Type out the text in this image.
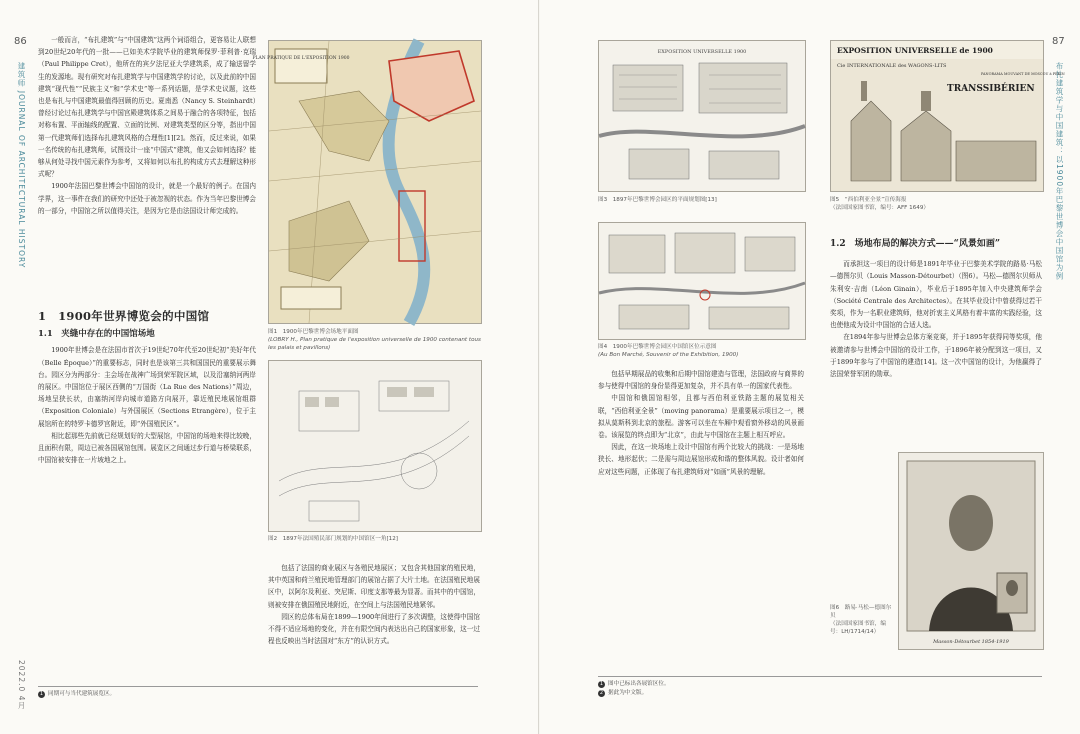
86
建筑师 JOURNAL OF ARCHITECTURAL HISTORY
2022.0 4月

一般而言，“布扎建筑”与“中国建筑”这两个词语组合，更容易让人联想到20世纪20年代的一批——已如美术学院毕业的建筑师保罗·菲利普·克瑞（Paul Philippe Cret），他所在的宾夕法尼亚大学建筑系，成了输送留学生的发源地。现有研究对布扎建筑学与中国建筑学的讨论，以及此前的中国建筑“现代性”“民族主义”和“学术史”等一系列话题，是学术史议题，这些也是布扎与中国建筑最值得回顾的历史。夏南悉（Nancy S. Steinhardt）曾经讨论过布扎建筑学与中国宫殿建筑体系之间易于融合的各项特征，包括对称布置、平面轴线的配置、立面的比例、对建筑类型的区分等，指出中国第一代建筑师们选择布扎建筑风格的合理性[1][2]。然而，反过来说，如果一名传统的布扎建筑师，试图设计一座“中国式”建筑，他又会如何选择？能够从何处寻找中国元素作为参考，又将如何以布扎的构成方式去理解这种形式呢？

1900年法国巴黎世博会中国馆的设计，就是一个最好的例子。在国内学界，这一事件在我们的研究中还处于被忽视的状态。作为当年巴黎世博会的一部分，中国馆之所以值得关注，是因为它是由法国设计师完成的。

PLAN PRATIQUE DE L'EXPOSITION 1900
图1　1900年巴黎世博会场地平面图
(LOBRY H., Plan pratique de l'exposition universelle de 1900 contenant tous les palais et pavillons)
1　1900年世界博览会的中国馆
1.1　夹缝中存在的中国馆场地

1900年世博会是在法国市首次于19世纪70年代至20世纪初“美好年代（Belle Époque）”的重要标志，同时也是该第三共和国国民的重要展示舞台。园区分为两部分：主会场在战神广场到荣军院区域，以及沿塞纳河两岸的展区。中国馆位于展区西侧的“万国街（La Rue des Nations）”周边，场地呈狭长状，由塞纳河岸向城市道路方向展开，靠近殖民地展馆组群（Exposition Coloniale）与外国展区（Sections Etrangère），位于主展馆所在的特罗卡德罗宫附近，即“外国殖民区”。

相比起那些先前就已经规划好的大型展馆，中国馆的场地来得比较晚，且面积有限，周边已被各国展馆包围。展览区之间通过步行道与桥梁联系，中国馆被安排在一片坡地之上。

图2　1897年法国殖民部门规划的中国馆区一角[12]

包括了法国的商业展区与各殖民地展区；又包含其他国家的殖民地，其中英国和荷兰殖民地管理部门的展馆占据了大片土地。在法国殖民地展区中，以阿尔及利亚、突尼斯、印度支那等最为显著。而其中的中国馆，则被安排在俄国殖民地附近，在空间上与法国殖民地紧邻。

园区的总体布局在1899—1900年间进行了多次调整，这使得中国馆不得不适应场地的变化，并在有限空间内表达出自己的国家形象，这一过程也反映出当时法国对“东方”的认识方式。

1 同期可与当代建筑展览区。
87
布扎建筑学与中国建筑：以1900年巴黎世博会中国馆为例
EXPOSITION UNIVERSELLE 1900
图3　1897年巴黎世博会园区的平面规划图[13]
图4　1900年巴黎世博会园区中国馆区位示意图
(Au Bon Marché, Souvenir of the Exhibition, 1900)
EXPOSITION UNIVERSELLE de 1900
Cie INTERNATIONALE des WAGONS-LITS
TRANSSIBÉRIEN
PANORAMA MOUVANT DE MOSCOU à PÉKIN
图5　“西伯利亚全景”宣传海报
（法国国家图书馆，编号：AFF 1649）

包括早期展品的收集和后期中国馆建造与管理，法国政府与商界的参与使得中国馆的身份显得更加复杂，并不具有单一的国家代表性。

中国馆和俄国馆相邻，且都与西伯利亚铁路主题的展览相关联，“西伯利亚全景”（moving panorama）是重要展示项目之一，模拟从莫斯科到北京的旅程。游客可以坐在车厢中观看窗外移动的风景画卷。该展览的终点即为“北京”，由此与中国馆在主题上相互呼应。

因此，在这一块场地上设计中国馆有两个比较大的挑战：一是场地狭长、地形起伏；二是需与周边展馆形成和谐的整体风貌。设计者如何应对这些问题，正体现了布扎建筑师对“如画”风景的理解。

1.2　场地布局的解决方式——“风景如画”

而承担这一项目的设计师是1891年毕业于巴黎美术学院的路易·马松—德图尔贝（Louis Masson-Détourbet）（图6）。马松—德图尔贝师从朱利安·吉南（Léon Ginain），毕业后于1895年加入中央建筑师学会（Société Centrale des Architectes）。在其毕业设计中曾获得过若干奖项，作为一名职业建筑师，他对折衷主义风格有着丰富的实践经验，这也使他成为设计中国馆的合适人选。

在1894年参与世博会总体方案竞赛，并于1895年获得同等奖项，他被邀请参与世博会中国馆的设计工作，于1896年被分配到这一项目，又于1899年参与了中国馆的建造[14]。这一次中国馆的设计，为他赢得了法国荣誉军团的勋章。

Masson-Détourbet 1854-1919
图6　路易·马松—德图尔贝
（法国国家图书馆，编号：LH/1714/14）
1 图中已标出各展馆区位。
2 据此为中文版。
